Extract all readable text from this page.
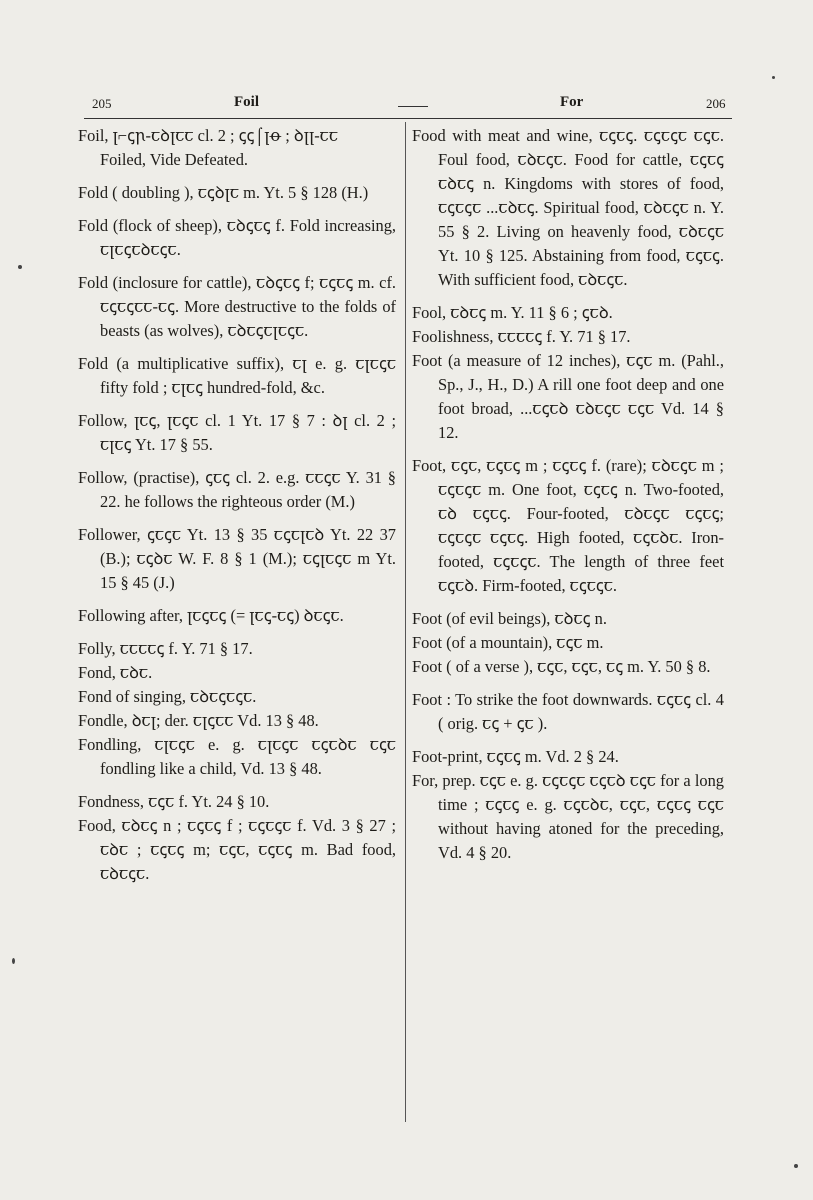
205	Foil	For	206

Foil, ꞁ⌐ꞔꞃ-ꞇꝺꞁꞇꞇ cl. 2 ; ꞔꞔ⌠ꞁꝋ ; ꝺꞁꞁ-ꞇꞇ
Foiled, Vide Defeated.

Fold ( doubling ), ꞇꞔꝺꞁꞇ m. Yt. 5 § 128 (H.)

Fold (flock of sheep), ꞇꝺꞔꞇꞔ f. Fold increasing, ꞇꞁꞇꞔꞇꝺꞇꞔꞇ.

Fold (inclosure for cattle), ꞇꝺꞔꞇꞔ f; ꞇꞔꞇꞔ m. cf. ꞇꞔꞇꞔꞇꞇ-ꞇꞔ. More destructive to the folds of beasts (as wolves), ꞇꝺꞇꞔꞇꞁꞇꞔꞇ.

Fold (a multiplicative suffix), ꞇꞁ e. g. ꞇꞁꞇꞔꞇ fifty fold ; ꞇꞁꞇꞔ hundred-fold, &c.

Follow, ꞁꞇꞔ, ꞁꞇꞔꞇ cl. 1 Yt. 17 § 7 : ꝺꞁ cl. 2 ; ꞇꞁꞇꞔ Yt. 17 § 55.

Follow, (practise), ꞔꞇꞔ cl. 2. e.g. ꞇꞇꞔꞇ Y. 31 § 22. he follows the righteous order (M.)

Follower, ꞔꞇꞔꞇ Yt. 13 § 35 ꞇꞔꞇꞁꞇꝺ Yt. 22 37 (B.); ꞇꞔꝺꞇ W. F. 8 § 1 (M.); ꞇꞔꞁꞇꞔꞇ m Yt. 15 § 45 (J.)

Following after, ꞁꞇꞔꞇꞔ (= ꞁꞇꞔ-ꞇꞔ) ꝺꞇꞔꞇ.

Folly, ꞇꞇꞇꞇꞔ f. Y. 71 § 17.

Fond, ꞇꝺꞇ.

Fond of singing, ꞇꝺꞇꞔꞇꞔꞇ.

Fondle, ꝺꞇꞁ; der. ꞇꞁꞔꞇꞇ Vd. 13 § 48.

Fondling, ꞇꞁꞇꞔꞇ e. g. ꞇꞁꞇꞔꞇ ꞇꞔꞇꝺꞇ ꞇꞔꞇ fondling like a child, Vd. 13 § 48.

Fondness, ꞇꞔꞇ f. Yt. 24 § 10.

Food, ꞇꝺꞇꞔ n ; ꞇꞔꞇꞔ f ; ꞇꞔꞇꞔꞇ f. Vd. 3 § 27 ; ꞇꝺꞇ ; ꞇꞔꞇꞔ m; ꞇꞔꞇ, ꞇꞔꞇꞔ m. Bad food, ꞇꝺꞇꞔꞇ.

Food with meat and wine, ꞇꞔꞇꞔ. ꞇꞔꞇꞔꞇ ꞇꞔꞇ. Foul food, ꞇꝺꞇꞔꞇ. Food for cattle, ꞇꞔꞇꞔ ꞇꝺꞇꞔ n. Kingdoms with stores of food, ꞇꞔꞇꞔꞇ ...ꞇꝺꞇꞔ. Spiritual food, ꞇꝺꞇꞔꞇ n. Y. 55 § 2. Living on heavenly food, ꞇꝺꞇꞔꞇ Yt. 10 § 125. Abstaining from food, ꞇꞔꞇꞔ. With sufficient food, ꞇꝺꞇꞔꞇ.

Fool, ꞇꝺꞇꞔ m. Y. 11 § 6 ; ꞔꞇꝺ.

Foolishness, ꞇꞇꞇꞇꞔ f. Y. 71 § 17.

Foot (a measure of 12 inches), ꞇꞔꞇ m. (Pahl., Sp., J., H., D.) A rill one foot deep and one foot broad, ...ꞇꞔꞇꝺ ꞇꝺꞇꞔꞇ ꞇꞔꞇ Vd. 14 § 12.

Foot, ꞇꞔꞇ, ꞇꞔꞇꞔ m ; ꞇꞔꞇꞔ f. (rare); ꞇꝺꞇꞔꞇ m ; ꞇꞔꞇꞔꞇ m. One foot, ꞇꞔꞇꞔ n. Two-footed, ꞇꝺ ꞇꞔꞇꞔ. Four-footed, ꞇꝺꞇꞔꞇ ꞇꞔꞇꞔ; ꞇꞔꞇꞔꞇ ꞇꞔꞇꞔ. High footed, ꞇꞔꞇꝺꞇ. Iron-footed, ꞇꞔꞇꞔꞇ. The length of three feet ꞇꞔꞇꝺ. Firm-footed, ꞇꞔꞇꞔꞇ.

Foot (of evil beings), ꞇꝺꞇꞔ n.

Foot (of a mountain), ꞇꞔꞇ m.

Foot ( of a verse ), ꞇꞔꞇ, ꞇꞔꞇ, ꞇꞔ m. Y. 50 § 8.

Foot : To strike the foot downwards. ꞇꞔꞇꞔ cl. 4 ( orig. ꞇꞔ + ꞔꞇ ).

Foot-print, ꞇꞔꞇꞔ m. Vd. 2 § 24.

For, prep. ꞇꞔꞇ e. g. ꞇꞔꞇꞔꞇ ꞇꞔꞇꝺ ꞇꞔꞇ for a long time ; ꞇꞔꞇꞔ e. g. ꞇꞔꞇꝺꞇ, ꞇꞔꞇ, ꞇꞔꞇꞔ ꞇꞔꞇ without having atoned for the preceding, Vd. 4 § 20.
